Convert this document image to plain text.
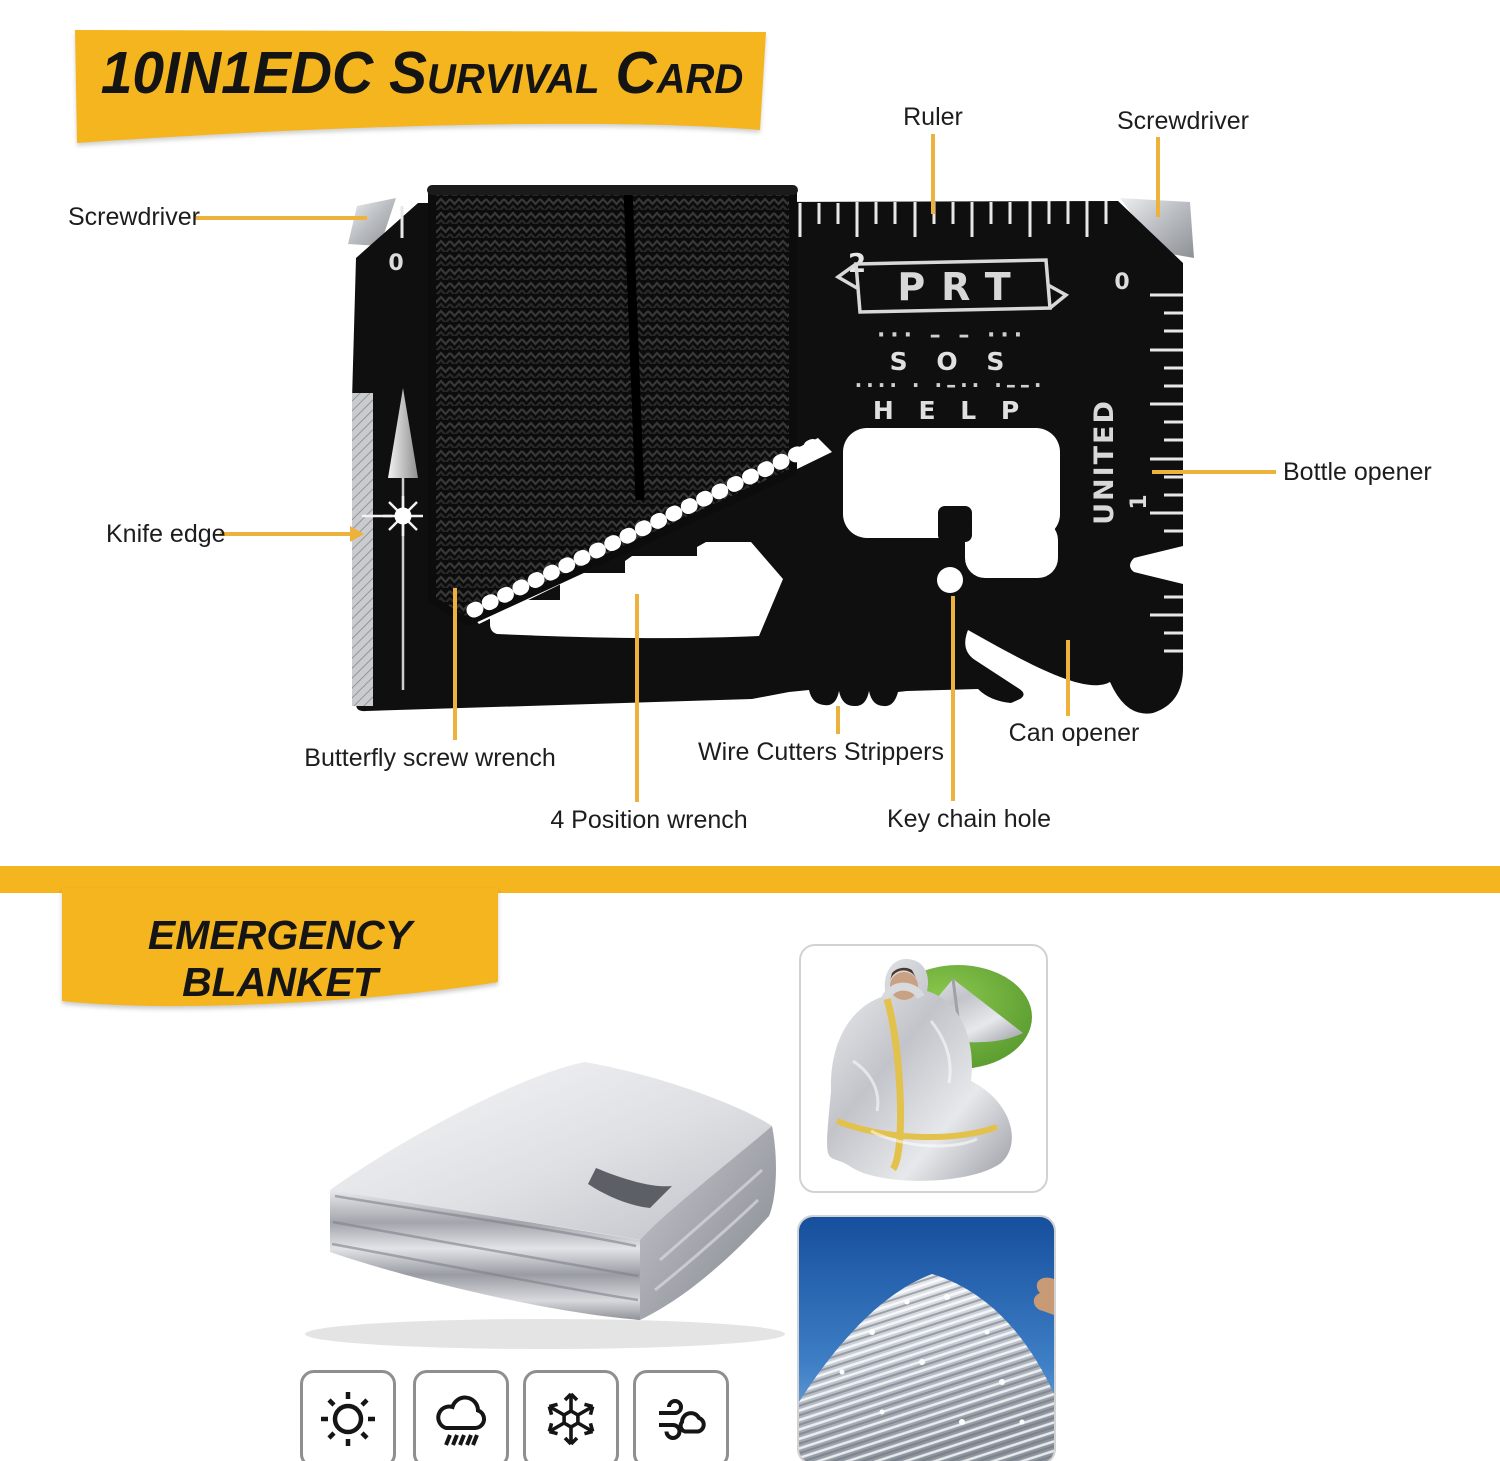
10IN1EDC Survival Card
2
0
0
UNITED 1
PRT
··· – – ···
S O S
···· · ·–·· ·––·
H E L P
Ruler	Screwdriver
Screwdriver
Knife edge
Bottle opener
Butterfly screw wrench
4 Position wrench
Wire Cutters Strippers
Key chain hole
Can opener
EMERGENCY BLANKET
